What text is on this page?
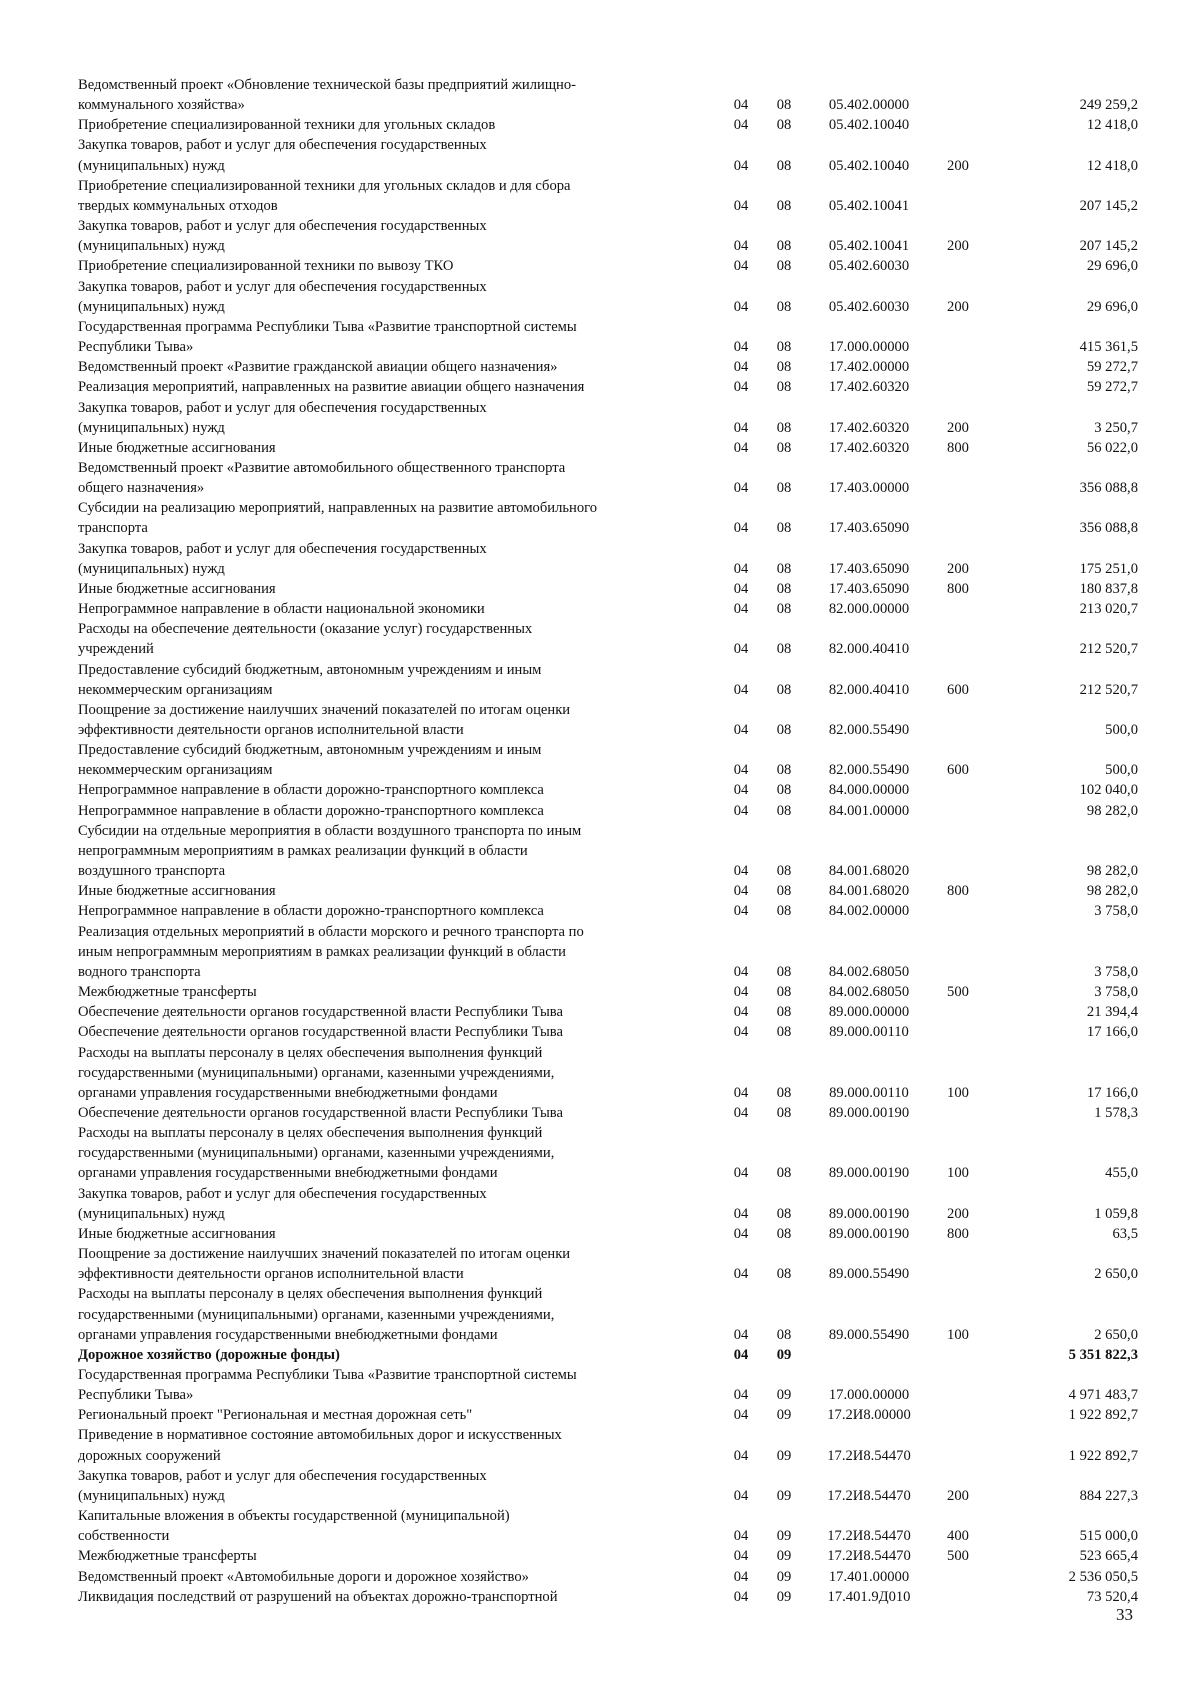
Ведомственный проект «Обновление технической базы предприятий жилищно-
коммунального хозяйства»	04	08	05.402.00000	249 259,2
Приобретение специализированной техники для угольных складов	04	08	05.402.10040	12 418,0
Закупка товаров, работ и услуг для обеспечения государственных
(муниципальных) нужд	04	08	05.402.10040	200	12 418,0
Приобретение специализированной техники для угольных складов и для сбора
твердых коммунальных отходов	04	08	05.402.10041	207 145,2
Закупка товаров, работ и услуг для обеспечения государственных
(муниципальных) нужд	04	08	05.402.10041	200	207 145,2
Приобретение специализированной техники по вывозу ТКО	04	08	05.402.60030	29 696,0
Закупка товаров, работ и услуг для обеспечения государственных
(муниципальных) нужд	04	08	05.402.60030	200	29 696,0
Государственная программа Республики Тыва «Развитие транспортной системы
Республики Тыва»	04	08	17.000.00000	415 361,5
Ведомственный проект «Развитие гражданской авиации общего назначения»	04	08	17.402.00000	59 272,7
Реализация мероприятий, направленных на развитие авиации общего назначения	04	08	17.402.60320	59 272,7
Закупка товаров, работ и услуг для обеспечения государственных
(муниципальных) нужд	04	08	17.402.60320	200	3 250,7
Иные бюджетные ассигнования	04	08	17.402.60320	800	56 022,0
Ведомственный проект «Развитие автомобильного общественного транспорта
общего назначения»	04	08	17.403.00000	356 088,8
Субсидии на реализацию мероприятий, направленных на развитие автомобильного
транспорта	04	08	17.403.65090	356 088,8
Закупка товаров, работ и услуг для обеспечения государственных
(муниципальных) нужд	04	08	17.403.65090	200	175 251,0
Иные бюджетные ассигнования	04	08	17.403.65090	800	180 837,8
Непрограммное направление в области национальной экономики	04	08	82.000.00000	213 020,7
Расходы на обеспечение деятельности (оказание услуг) государственных
учреждений	04	08	82.000.40410	212 520,7
Предоставление субсидий бюджетным, автономным учреждениям и иным
некоммерческим организациям	04	08	82.000.40410	600	212 520,7
Поощрение за достижение наилучших значений показателей по итогам оценки
эффективности деятельности органов исполнительной власти	04	08	82.000.55490	500,0
Предоставление субсидий бюджетным, автономным учреждениям и иным
некоммерческим организациям	04	08	82.000.55490	600	500,0
Непрограммное направление в области дорожно-транспортного комплекса	04	08	84.000.00000	102 040,0
Непрограммное направление в области дорожно-транспортного комплекса	04	08	84.001.00000	98 282,0
Субсидии на отдельные мероприятия в области воздушного транспорта по иным
непрограммным мероприятиям в рамках реализации функций в области
воздушного транспорта	04	08	84.001.68020	98 282,0
Иные бюджетные ассигнования	04	08	84.001.68020	800	98 282,0
Непрограммное направление в области дорожно-транспортного комплекса	04	08	84.002.00000	3 758,0
Реализация отдельных мероприятий в области морского и речного транспорта по
иным непрограммным мероприятиям в рамках реализации функций в области
водного транспорта	04	08	84.002.68050	3 758,0
Межбюджетные трансферты	04	08	84.002.68050	500	3 758,0
Обеспечение деятельности органов государственной власти Республики Тыва	04	08	89.000.00000	21 394,4
Обеспечение деятельности органов государственной власти Республики Тыва	04	08	89.000.00110	17 166,0
Расходы на выплаты персоналу в целях обеспечения выполнения функций
государственными (муниципальными) органами, казенными учреждениями,
органами управления государственными внебюджетными фондами	04	08	89.000.00110	100	17 166,0
Обеспечение деятельности органов государственной власти Республики Тыва	04	08	89.000.00190	1 578,3
Расходы на выплаты персоналу в целях обеспечения выполнения функций
государственными (муниципальными) органами, казенными учреждениями,
органами управления государственными внебюджетными фондами	04	08	89.000.00190	100	455,0
Закупка товаров, работ и услуг для обеспечения государственных
(муниципальных) нужд	04	08	89.000.00190	200	1 059,8
Иные бюджетные ассигнования	04	08	89.000.00190	800	63,5
Поощрение за достижение наилучших значений показателей по итогам оценки
эффективности деятельности органов исполнительной власти	04	08	89.000.55490	2 650,0
Расходы на выплаты персоналу в целях обеспечения выполнения функций
государственными (муниципальными) органами, казенными учреждениями,
органами управления государственными внебюджетными фондами	04	08	89.000.55490	100	2 650,0
Дорожное хозяйство (дорожные фонды)	04	09	5 351 822,3
Государственная программа Республики Тыва «Развитие транспортной системы
Республики Тыва»	04	09	17.000.00000	4 971 483,7
Региональный проект "Региональная и местная дорожная сеть"	04	09	17.2И8.00000	1 922 892,7
Приведение в нормативное состояние автомобильных дорог и искусственных
дорожных сооружений	04	09	17.2И8.54470	1 922 892,7
Закупка товаров, работ и услуг для обеспечения государственных
(муниципальных) нужд	04	09	17.2И8.54470	200	884 227,3
Капитальные вложения в объекты государственной (муниципальной)
собственности	04	09	17.2И8.54470	400	515 000,0
Межбюджетные трансферты	04	09	17.2И8.54470	500	523 665,4
Ведомственный проект «Автомобильные дороги и дорожное хозяйство»	04	09	17.401.00000	2 536 050,5
Ликвидация последствий от разрушений на объектах дорожно-транспортной	04	09	17.401.9Д010	73 520,4
33
